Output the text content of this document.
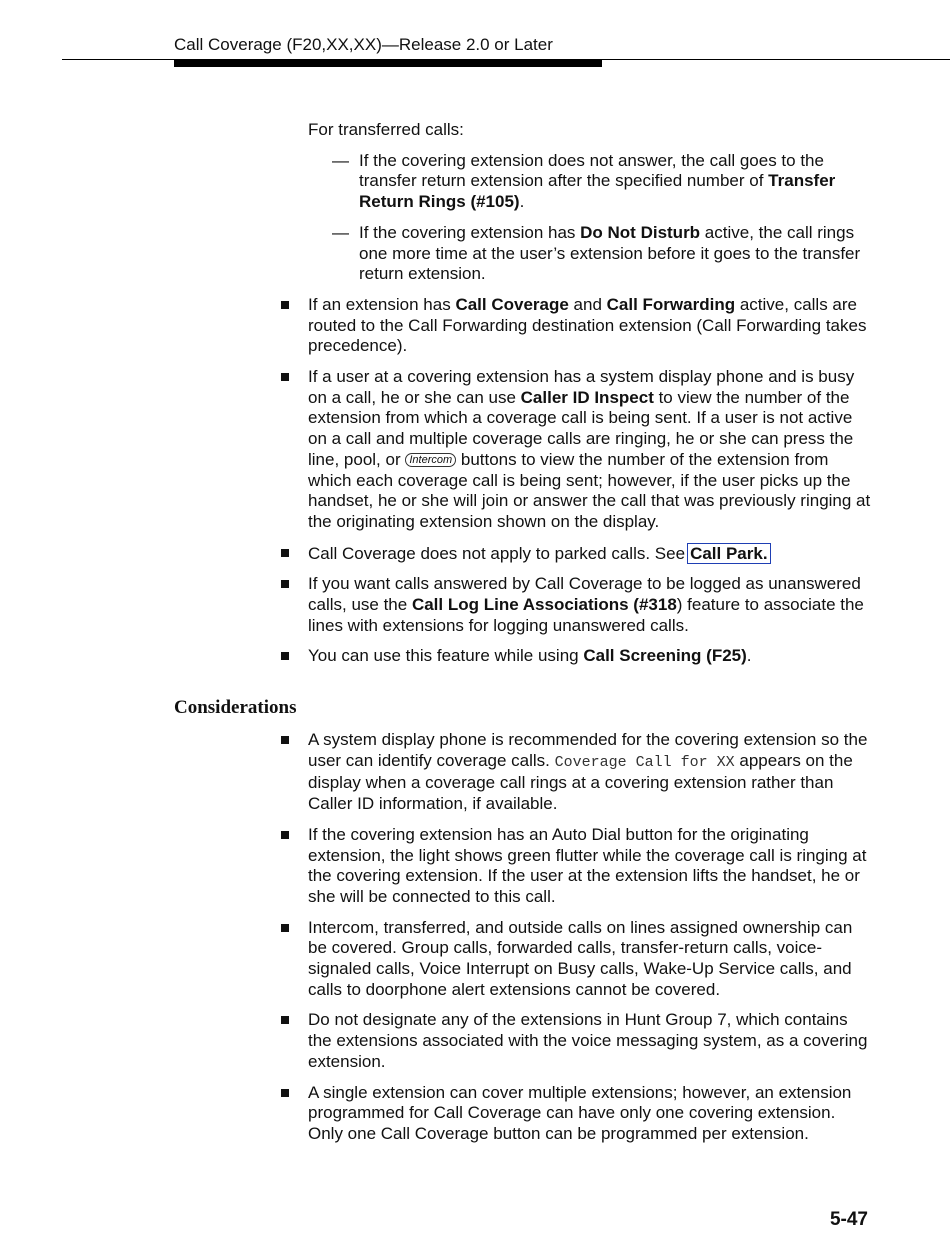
Call Coverage (F20,XX,XX)—Release 2.0 or Later

For transferred calls:

— If the covering extension does not answer, the call goes to the transfer return extension after the specified number of Transfer Return Rings (#105).
— If the covering extension has Do Not Disturb active, the call rings one more time at the user’s extension before it goes to the transfer return extension.
If an extension has Call Coverage and Call Forwarding active, calls are routed to the Call Forwarding destination extension (Call Forwarding takes precedence).
If a user at a covering extension has a system display phone and is busy on a call, he or she can use Caller ID Inspect to view the number of the extension from which a coverage call is being sent. If a user is not active on a call and multiple coverage calls are ringing, he or she can press the line, pool, or Intercom buttons to view the number of the extension from which each coverage call is being sent; however, if the user picks up the handset, he or she will join or answer the call that was previously ringing at the originating extension shown on the display.
Call Coverage does not apply to parked calls. See Call Park.
If you want calls answered by Call Coverage to be logged as unanswered calls, use the Call Log Line Associations (#318) feature to associate the lines with extensions for logging unanswered calls.
You can use this feature while using Call Screening (F25).
Considerations
A system display phone is recommended for the covering extension so the user can identify coverage calls. Coverage Call for XX appears on the display when a coverage call rings at a covering extension rather than Caller ID information, if available.
If the covering extension has an Auto Dial button for the originating extension, the light shows green flutter while the coverage call is ringing at the covering extension. If the user at the extension lifts the handset, he or she will be connected to this call.
Intercom, transferred, and outside calls on lines assigned ownership can be covered. Group calls, forwarded calls, transfer-return calls, voice-signaled calls, Voice Interrupt on Busy calls, Wake-Up Service calls, and calls to doorphone alert extensions cannot be covered.
Do not designate any of the extensions in Hunt Group 7, which contains the extensions associated with the voice messaging system, as a covering extension.
A single extension can cover multiple extensions; however, an extension programmed for Call Coverage can have only one covering extension. Only one Call Coverage button can be programmed per extension.
5-47
